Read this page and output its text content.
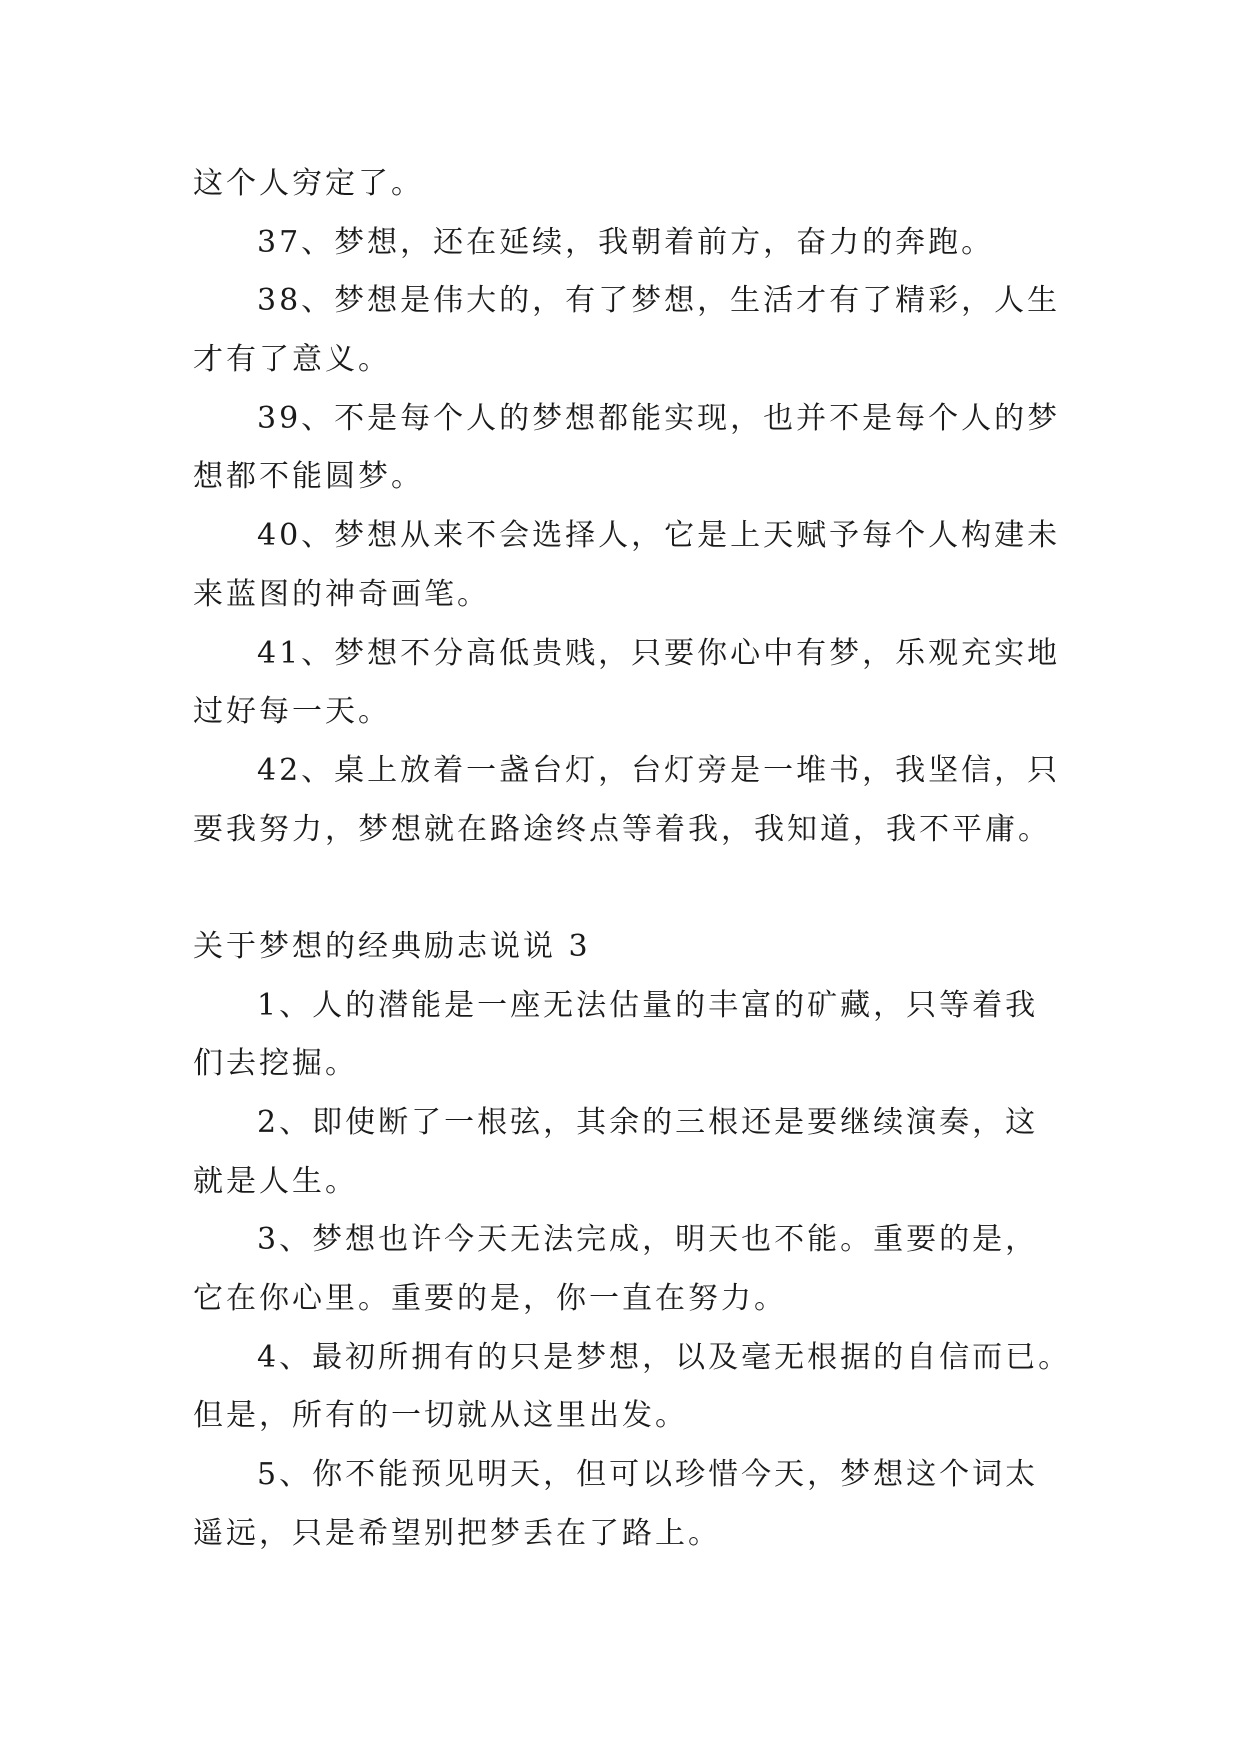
这个人穷定了。
37、梦想，还在延续，我朝着前方，奋力的奔跑。
38、梦想是伟大的，有了梦想，生活才有了精彩，人生
才有了意义。
39、不是每个人的梦想都能实现，也并不是每个人的梦
想都不能圆梦。
40、梦想从来不会选择人，它是上天赋予每个人构建未
来蓝图的神奇画笔。
41、梦想不分高低贵贱，只要你心中有梦，乐观充实地
过好每一天。
42、桌上放着一盏台灯，台灯旁是一堆书，我坚信，只
要我努力，梦想就在路途终点等着我，我知道，我不平庸。
关于梦想的经典励志说说 3
1、人的潜能是一座无法估量的丰富的矿藏，只等着我
们去挖掘。
2、即使断了一根弦，其余的三根还是要继续演奏，这
就是人生。
3、梦想也许今天无法完成，明天也不能。重要的是，
它在你心里。重要的是，你一直在努力。
4、最初所拥有的只是梦想，以及毫无根据的自信而已。
但是，所有的一切就从这里出发。
5、你不能预见明天，但可以珍惜今天，梦想这个词太
遥远，只是希望别把梦丢在了路上。
